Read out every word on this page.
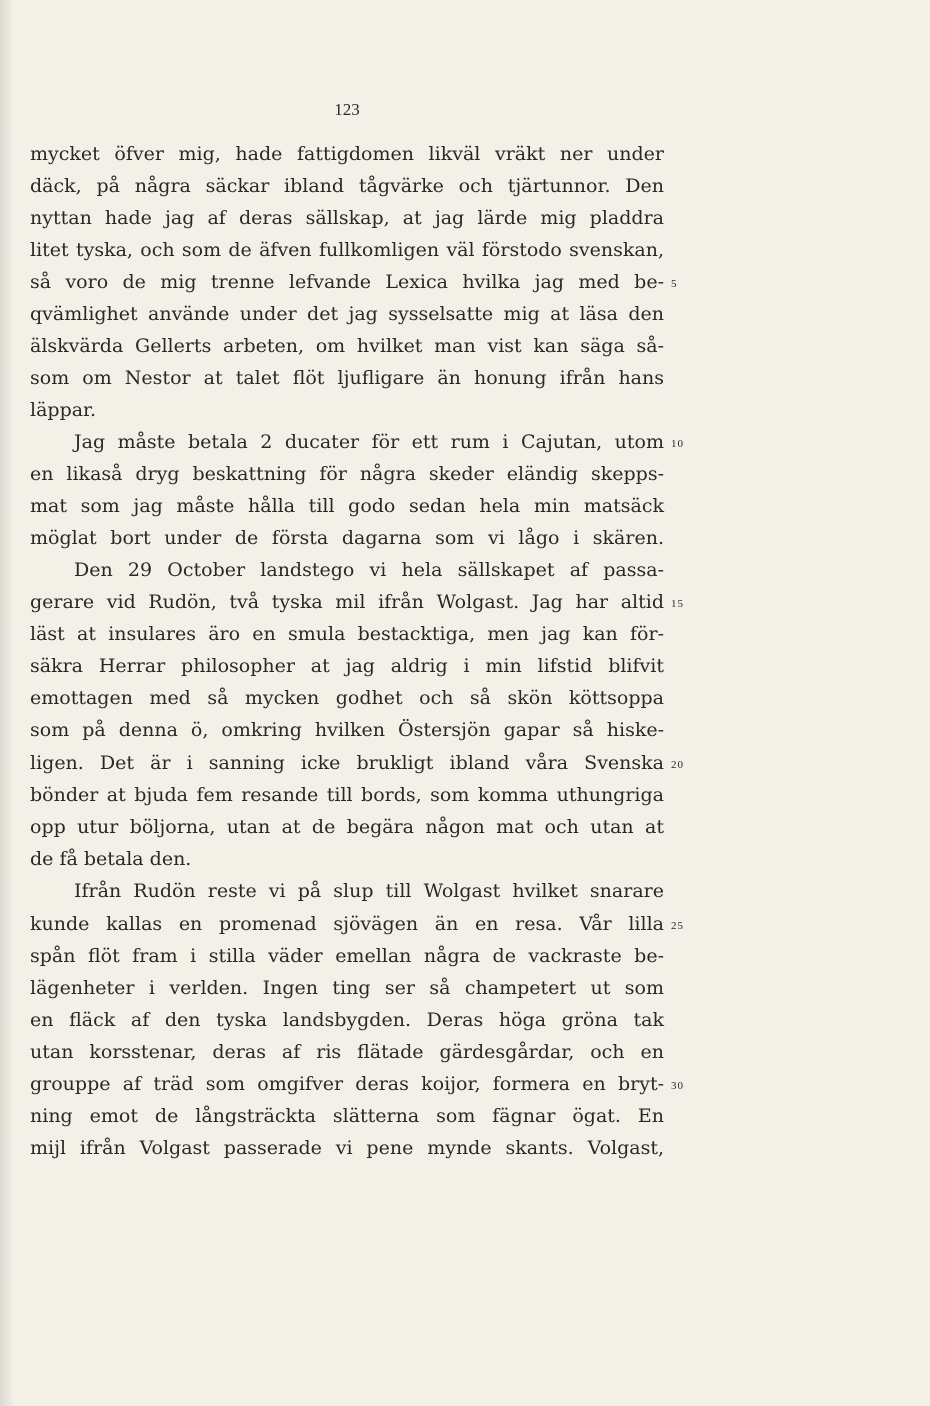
123
mycket öfver mig, hade fattigdomen likväl vräkt ner under
däck, på några säckar ibland tågvärke och tjärtunnor. Den
nyttan hade jag af deras sällskap, at jag lärde mig pladdra
litet tyska, och som de äfven fullkomligen väl förstodo svenskan,
så voro de mig trenne lefvande Lexica hvilka jag med be-
qvämlighet använde under det jag sysselsatte mig at läsa den
älskvärda Gellerts arbeten, om hvilket man vist kan säga så-
som om Nestor at talet flöt ljufligare än honung ifrån hans
läppar.
Jag måste betala 2 ducater för ett rum i Cajutan, utom
en likaså dryg beskattning för några skeder eländig skepps-
mat som jag måste hålla till godo sedan hela min matsäck
möglat bort under de första dagarna som vi lågo i skären.
Den 29 October landstego vi hela sällskapet af passa-
gerare vid Rudön, två tyska mil ifrån Wolgast. Jag har altid
läst at insulares äro en smula bestacktiga, men jag kan för-
säkra Herrar philosopher at jag aldrig i min lifstid blifvit
emottagen med så mycken godhet och så skön köttsoppa
som på denna ö, omkring hvilken Östersjön gapar så hiske-
ligen. Det är i sanning icke brukligt ibland våra Svenska
bönder at bjuda fem resande till bords, som komma uthungriga
opp utur böljorna, utan at de begära någon mat och utan at
de få betala den.
Ifrån Rudön reste vi på slup till Wolgast hvilket snarare
kunde kallas en promenad sjövägen än en resa. Vår lilla
spån flöt fram i stilla väder emellan några de vackraste be-
lägenheter i verlden. Ingen ting ser så champetert ut som
en fläck af den tyska landsbygden. Deras höga gröna tak
utan korsstenar, deras af ris flätade gärdesgårdar, och en
grouppe af träd som omgifver deras koijor, formera en bryt-
ning emot de långsträckta slätterna som fägnar ögat. En
mijl ifrån Volgast passerade vi pene mynde skants. Volgast,
5
10
15
20
25
30
